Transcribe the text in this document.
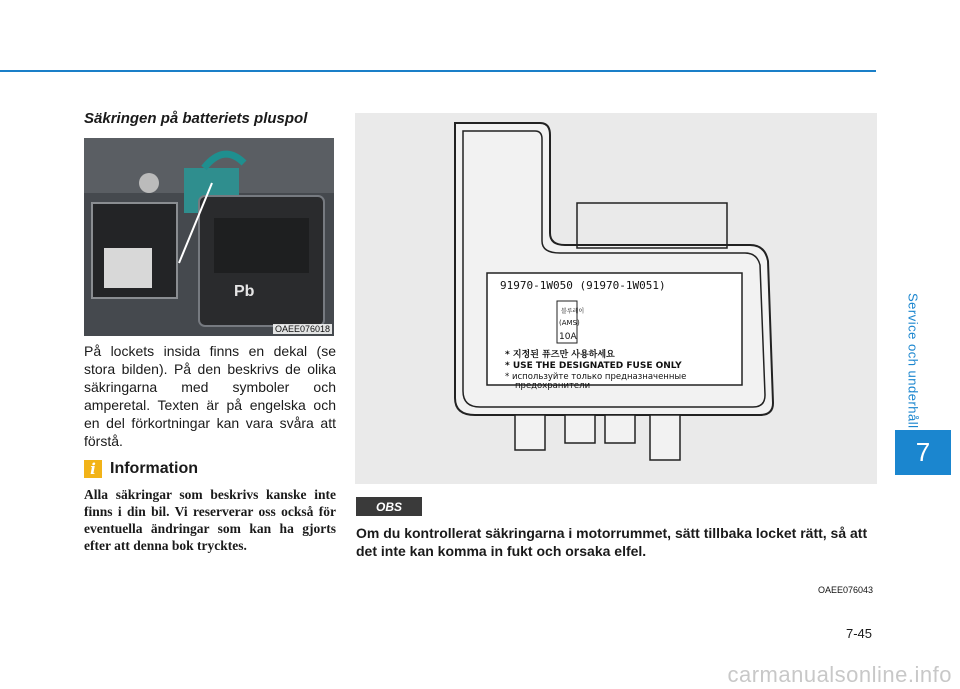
Säkringen på batteriets pluspol
Pb
OAEE076018

På lockets insida finns en dekal (se stora bilden). På den beskrivs de olika säkringarna med symboler och amperetal. Texten är på engelska och en del förkortningar kan vara svåra att förstå.

i Information

Alla säkringar som beskrivs kanske inte finns i din bil. Vi reserverar oss också för eventuella ändringar som kan ha gjorts efter att denna bok trycktes.

91970-1W050 (91970-1W051)
블루레이
(AMS)
10A
* 지정된 퓨즈만 사용하세요
* USE THE DESIGNATED FUSE ONLY
* используйте только предназначенные
предохранители
OAEE076043
OBS

Om du kontrollerat säkringarna i motorrummet, sätt tillbaka locket rätt, så att det inte kan komma in fukt och orsaka elfel.

Service och underhåll
7
7-45
carmanualsonline.info
